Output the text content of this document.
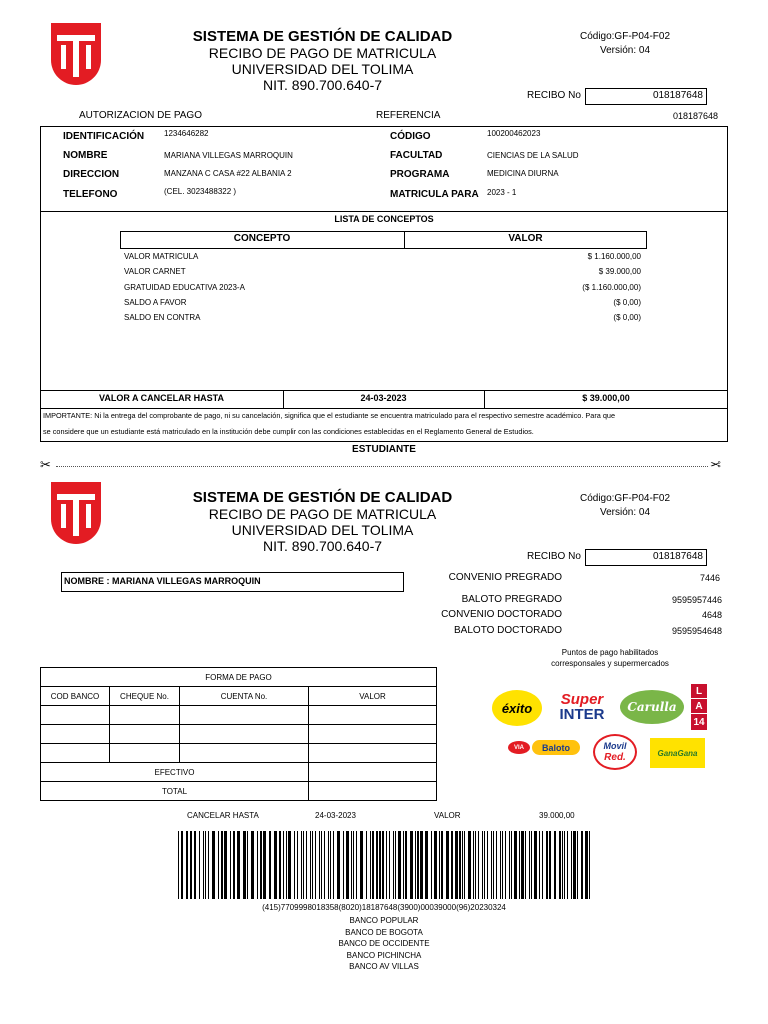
SISTEMA DE GESTIÓN DE CALIDAD
RECIBO DE PAGO DE MATRICULA
UNIVERSIDAD DEL TOLIMA
NIT. 890.700.640-7
Código:GF-P04-F02
Versión: 04
RECIBO No	018187648
AUTORIZACION DE PAGO	REFERENCIA	018187648
IDENTIFICACIÓN 1234646282
NOMBRE	MARIANA VILLEGAS MARROQUIN
DIRECCION	MANZANA C CASA #22 ALBANIA 2
TELEFONO	(CEL. 3023488322 )
CÓDIGO	100200462023
FACULTAD	CIENCIAS DE LA SALUD
PROGRAMA	MEDICINA DIURNA
MATRICULA PARA 2023 - 1
LISTA DE CONCEPTOS
CONCEPTO	VALOR
VALOR MATRICULA	$ 1.160.000,00
VALOR CARNET	$ 39.000,00
GRATUIDAD EDUCATIVA 2023-A	($ 1.160.000,00)
SALDO A FAVOR	($ 0,00)
SALDO EN CONTRA	($ 0,00)
VALOR A CANCELAR HASTA	24-03-2023	$ 39.000,00
IMPORTANTE: Ni la entrega del comprobante de pago, ni su cancelación, significa que el estudiante se encuentra matriculado para el respectivo semestre académico. Para que
se considere que un estudiante está matriculado en la institución debe cumplir con las condiciones establecidas en el Reglamento General de Estudios.
ESTUDIANTE
✂	✂
SISTEMA DE GESTIÓN DE CALIDAD
RECIBO DE PAGO DE MATRICULA
UNIVERSIDAD DEL TOLIMA
NIT. 890.700.640-7
Código:GF-P04-F02
Versión: 04
RECIBO No	018187648
NOMBRE : MARIANA VILLEGAS MARROQUIN	CONVENIO PREGRADO	7446
BALOTO PREGRADO	9595957446
CONVENIO DOCTORADO	4648
BALOTO DOCTORADO	9595954648
Puntos de pago habilitados
corresponsales y supermercados
FORMA DE PAGO			
COD BANCO	CHEQUE No.	CUENTA No.	VALOR

EFECTIVO			
TOTAL			
éxito Super
INTER Carulla
L
A
14
VIA Baloto	Movil
Red.	GanaGana
CANCELAR HASTA	24-03-2023	VALOR	39.000,00
(415)7709998018358(8020)18187648(3900)00039000(96)20230324
BANCO POPULAR
BANCO DE BOGOTA
BANCO DE OCCIDENTE
BANCO PICHINCHA
BANCO AV VILLAS
